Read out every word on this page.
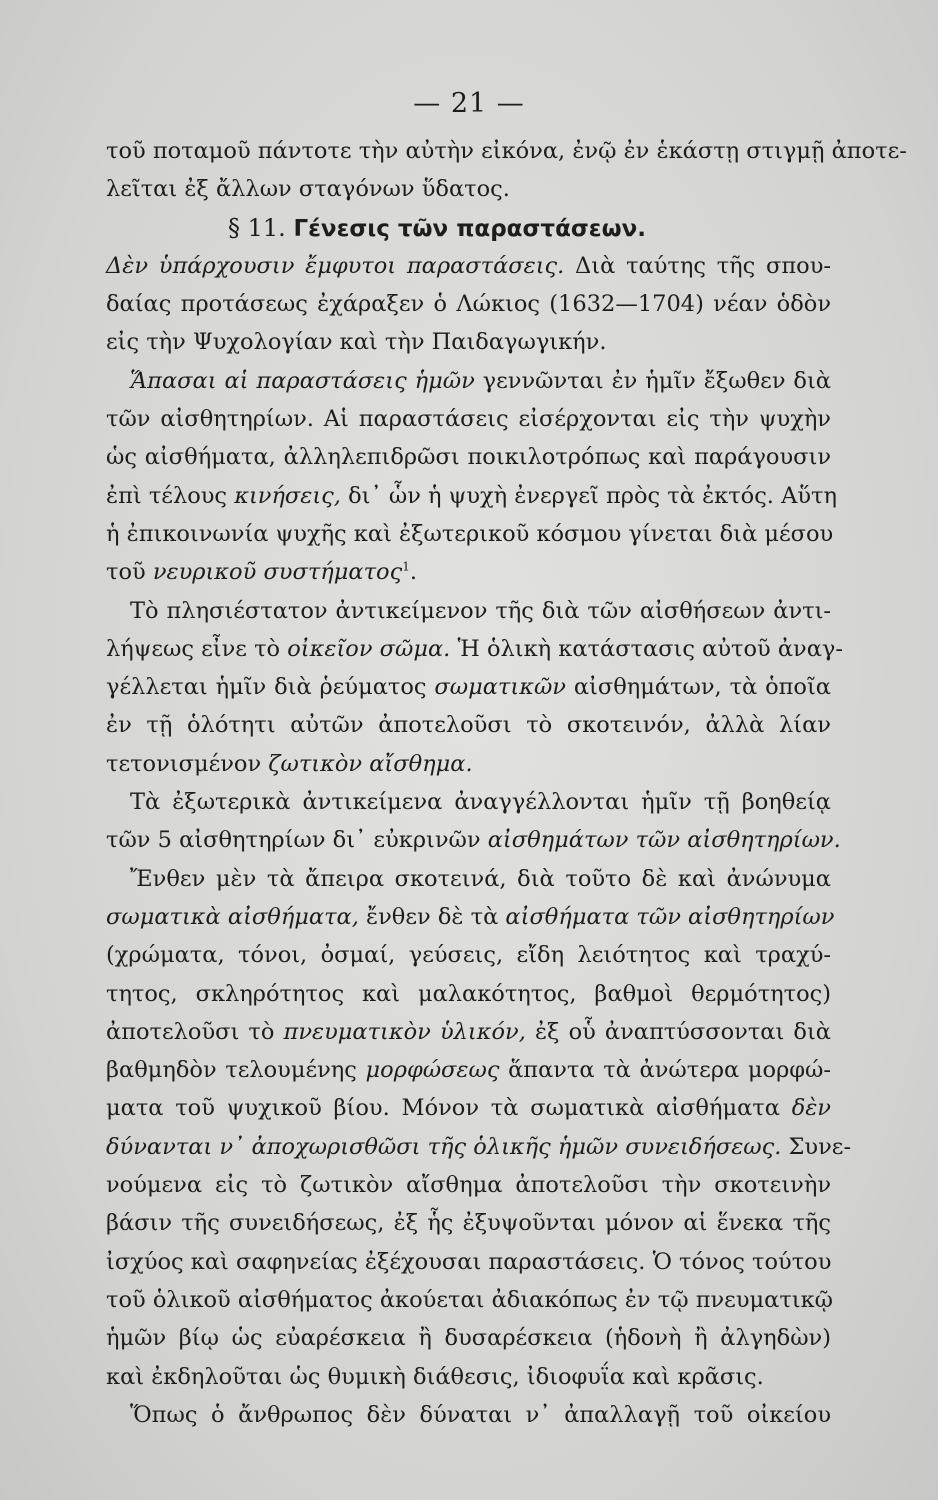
— 21 —
τοῦ ποταμοῦ πάντοτε τὴν αὐτὴν εἰκόνα, ἐνῷ ἐν ἑκάστῃ στιγμῇ ἀποτε-
λεῖται ἐξ ἄλλων σταγόνων ὕδατος.
§ 11. Γένεσις τῶν παραστάσεων.
Δὲν ὑπάρχουσιν ἔμφυτοι παραστάσεις. Διὰ ταύτης τῆς σπου-
δαίας προτάσεως ἐχάραξεν ὁ Λώκιος (1632—1704) νέαν ὁδὸν
εἰς τὴν Ψυχολογίαν καὶ τὴν Παιδαγωγικήν.
Ἅπασαι αἱ παραστάσεις ἡμῶν γεννῶνται ἐν ἡμῖν ἔξωθεν διὰ
τῶν αἰσθητηρίων. Αἱ παραστάσεις εἰσέρχονται εἰς τὴν ψυχὴν
ὡς αἰσθήματα, ἀλληλεπιδρῶσι ποικιλοτρόπως καὶ παράγουσιν
ἐπὶ τέλους κινήσεις, δι᾽ ὧν ἡ ψυχὴ ἐνεργεῖ πρὸς τὰ ἐκτός. Αὕτη
ἡ ἐπικοινωνία ψυχῆς καὶ ἐξωτερικοῦ κόσμου γίνεται διὰ μέσου
τοῦ νευρικοῦ συστήματος$^1$.
Τὸ πλησιέστατον ἀντικείμενον τῆς διὰ τῶν αἰσθήσεων ἀντι-
λήψεως εἶνε τὸ οἰκεῖον σῶμα. Ἡ ὁλικὴ κατάστασις αὐτοῦ ἀναγ-
γέλλεται ἡμῖν διὰ ῥεύματος σωματικῶν αἰσθημάτων, τὰ ὁποῖα
ἐν τῇ ὁλότητι αὐτῶν ἀποτελοῦσι τὸ σκοτεινόν, ἀλλὰ λίαν
τετονισμένον ζωτικὸν αἴσθημα.
Τὰ ἐξωτερικὰ ἀντικείμενα ἀναγγέλλονται ἡμῖν τῇ βοηθείᾳ
τῶν 5 αἰσθητηρίων δι᾽ εὐκρινῶν αἰσθημάτων τῶν αἰσθητηρίων.
Ἔνθεν μὲν τὰ ἄπειρα σκοτεινά, διὰ τοῦτο δὲ καὶ ἀνώνυμα
σωματικὰ αἰσθήματα, ἔνθεν δὲ τὰ αἰσθήματα τῶν αἰσθητηρίων
(χρώματα, τόνοι, ὀσμαί, γεύσεις, εἴδη λειότητος καὶ τραχύ-
τητος, σκληρότητος καὶ μαλακότητος, βαθμοὶ θερμότητος)
ἀποτελοῦσι τὸ πνευματικὸν ὑλικόν, ἐξ οὗ ἀναπτύσσονται διὰ
βαθμηδὸν τελουμένης μορφώσεως ἅπαντα τὰ ἀνώτερα μορφώ-
ματα τοῦ ψυχικοῦ βίου. Μόνον τὰ σωματικὰ αἰσθήματα δὲν
δύνανται ν᾽ ἀποχωρισθῶσι τῆς ὁλικῆς ἡμῶν συνειδήσεως. Συνε-
νούμενα εἰς τὸ ζωτικὸν αἴσθημα ἀποτελοῦσι τὴν σκοτεινὴν
βάσιν τῆς συνειδήσεως, ἐξ ἧς ἐξυψοῦνται μόνον αἱ ἕνεκα τῆς
ἰσχύος καὶ σαφηνείας ἐξέχουσαι παραστάσεις. Ὁ τόνος τούτου
τοῦ ὁλικοῦ αἰσθήματος ἀκούεται ἀδιακόπως ἐν τῷ πνευματικῷ
ἡμῶν βίῳ ὡς εὐαρέσκεια ἢ δυσαρέσκεια (ἡδονὴ ἢ ἀλγηδὼν)
καὶ ἐκδηλοῦται ὡς θυμικὴ διάθεσις, ἰδιοφυΐα καὶ κρᾶσις.
Ὅπως ὁ ἄνθρωπος δὲν δύναται ν᾽ ἀπαλλαγῇ τοῦ οἰκείου
